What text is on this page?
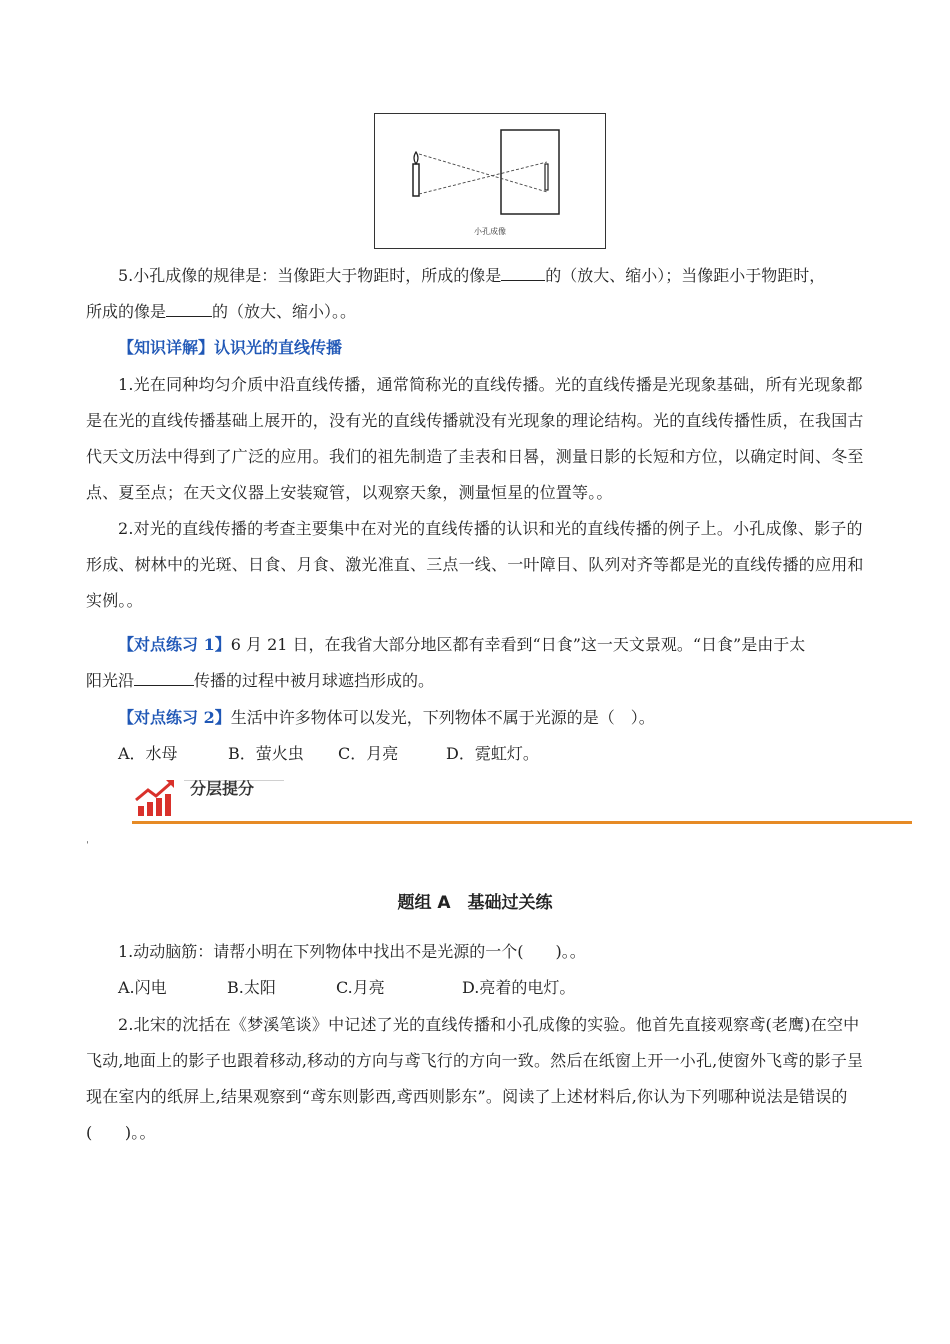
小孔成像

5.小孔成像的规律是：当像距大于物距时，所成的像是	的（放大、缩小）；当像距小于物距时，

所成的像是	的（放大、缩小）。。

【知识详解】认识光的直线传播

1.光在同种均匀介质中沿直线传播，通常简称光的直线传播。光的直线传播是光现象基础，所有光现象都是在光的直线传播基础上展开的，没有光的直线传播就没有光现象的理论结构。光的直线传播性质，在我国古代天文历法中得到了广泛的应用。我们的祖先制造了圭表和日晷，测量日影的长短和方位，以确定时间、冬至点、夏至点；在天文仪器上安装窥管，以观察天象，测量恒星的位置等。。

2.对光的直线传播的考查主要集中在对光的直线传播的认识和光的直线传播的例子上。小孔成像、影子的形成、树林中的光斑、日食、月食、激光准直、三点一线、一叶障目、队列对齐等都是光的直线传播的应用和实例。。

【对点练习 1】6 月 21 日，在我省大部分地区都有幸看到“日食”这一天文景观。“日食”是由于太

阳光沿	传播的过程中被月球遮挡形成的。

【对点练习 2】生活中许多物体可以发光，下列物体不属于光源的是（　）。

A．水母	B．萤火虫 C．月亮	D．霓虹灯。

分层提分
ˌ
题组 A　基础过关练

1.动动脑筋：请帮小明在下列物体中找出不是光源的一个(　　)。。

A.闪电	B.太阳	C.月亮	D.亮着的电灯。

2.北宋的沈括在《梦溪笔谈》中记述了光的直线传播和小孔成像的实验。他首先直接观察鸢(老鹰)在空中飞动,地面上的影子也跟着移动,移动的方向与鸢飞行的方向一致。然后在纸窗上开一小孔,使窗外飞鸢的影子呈现在室内的纸屏上,结果观察到“鸢东则影西,鸢西则影东”。阅读了上述材料后,你认为下列哪种说法是错误的(　　)。。
